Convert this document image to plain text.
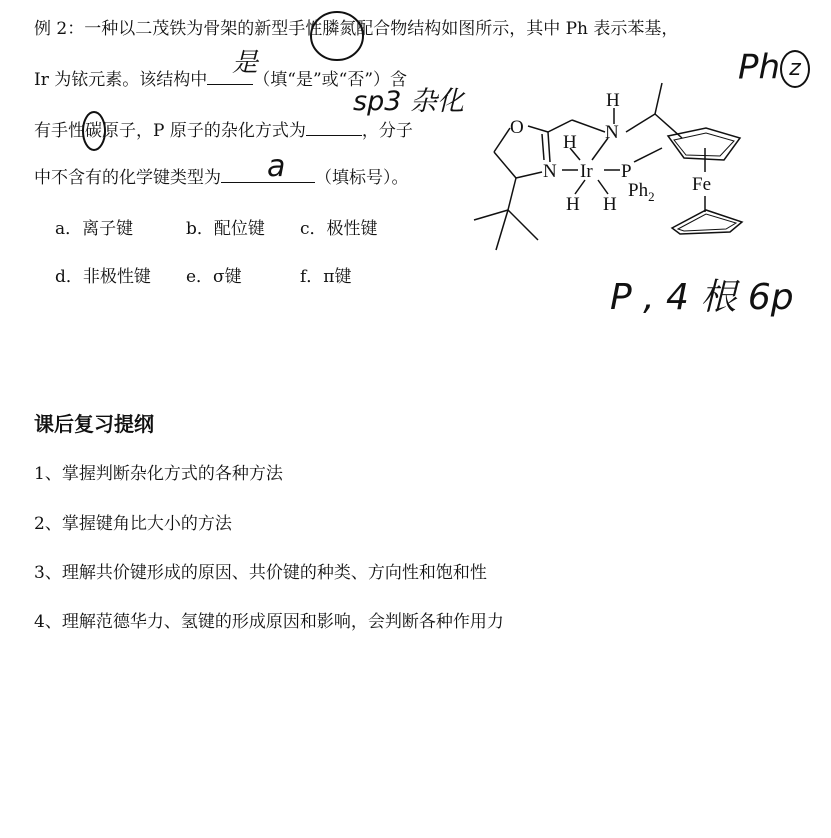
例 2：一种以二茂铁为骨架的新型手性膦氮配合物结构如图所示，其中 Ph 表示苯基，
Ir 为铱元素。该结构中	（填“是”或“否”）含
有手性碳原子，P 原子的杂化方式为	，分子
中不含有的化学键类型为	（填标号）。
a．离子键	b．配位键 c．极性键
d．非极性键 e．σ键	f．π键
是
sp3 杂化
a
Ph z
P , 4 根 6p
O
N
H
N
H
Ir P
H H
$Ph_2$
Fe
课后复习提纲
1、掌握判断杂化方式的各种方法
2、掌握键角比大小的方法
3、理解共价键形成的原因、共价键的种类、方向性和饱和性
4、理解范德华力、氢键的形成原因和影响，会判断各种作用力
